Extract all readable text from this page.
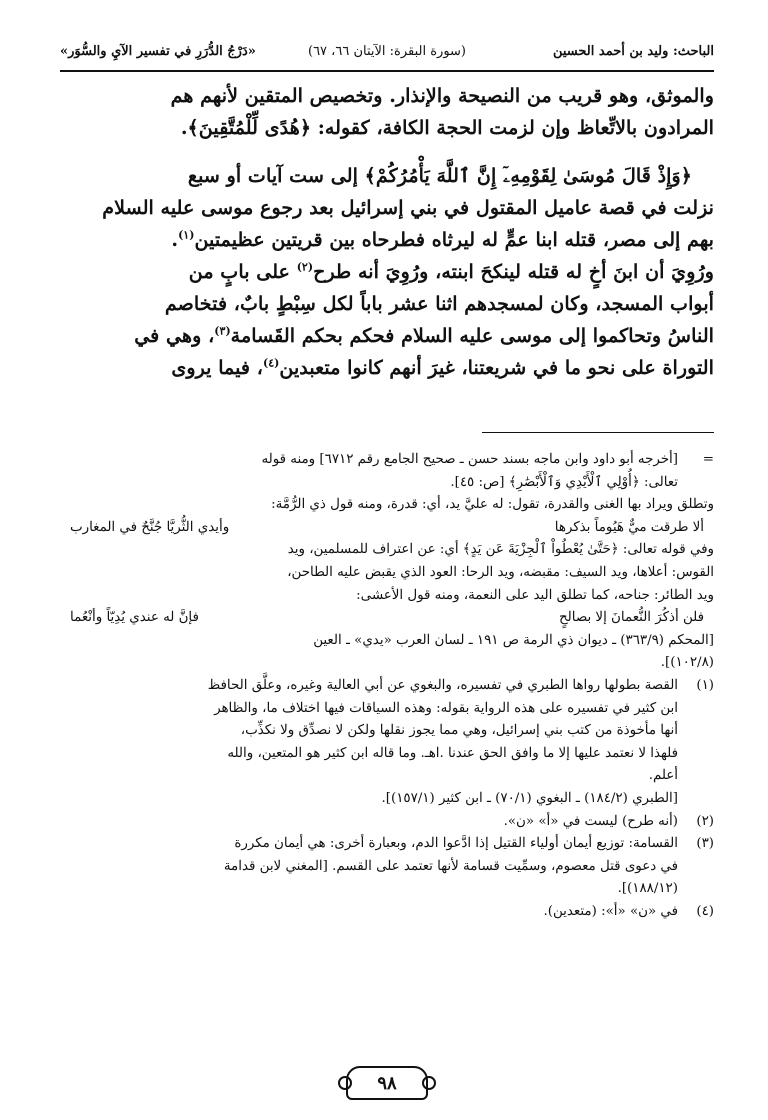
الباحث: وليد بن أحمد الحسين
(سورة البقرة: الآيتان ٦٦، ٦٧)
«دَرْجُ الدُّرَرِ في تفسير الآيِ والسُّوَر»

والموثق، وهو قريب من النصيحة والإنذار. وتخصيص المتقين لأنهم هم

المرادون بالاتِّعاظ وإن لزمت الحجة الكافة، كقوله: ﴿هُدًى لِّلْمُتَّقِينَ﴾.

﴿وَإِذْ قَالَ مُوسَىٰ لِقَوْمِهِۦٓ إِنَّ ٱللَّهَ يَأْمُرُكُمْ﴾ إلى ست آيات أو سبع

نزلت في قصة عاميل المقتول في بني إسرائيل بعد رجوع موسى عليه السلام

بهم إلى مصر، قتله ابنا عمٍّ له ليرثاه فطرحاه بين قريتين عظيمتين$^{(١)}$.

ورُوِيَ أن ابنَ أخٍ له قتله لينكحَ ابنته، ورُوِيَ أنه طرح$^{(٢)}$ على بابٍ من

أبواب المسجد، وكان لمسجدهم اثنا عشر باباً لكل سِبْطٍ بابٌ، فتخاصم

الناسُ وتحاكموا إلى موسى عليه السلام فحكم بحكم القَسامة$^{(٣)}$، وهي في

التوراة على نحو ما في شريعتنا، غيرَ أنهم كانوا متعبدين$^{(٤)}$، فيما يروى

=
[أخرجه أبو داود وابن ماجه بسند حسن ـ صحيح الجامع رقم ٦٧١٢] ومنه قوله
تعالى: ﴿أُوْلِي ٱلْأَيْدِي وَٱلْأَبْصَٰرِ﴾ [ص: ٤٥].
وتطلق ويراد بها الغنى والقدرة، تقول: له عليَّ يد، أي: قدرة، ومنه قول ذي الرُّمَّة:
ألا طرقت ميٌّ هَيُوماً بذكرها
وأيدي الثُّريَّا جُنَّحٌ في المغارب
وفي قوله تعالى: ﴿حَتَّىٰ يُعْطُواْ ٱلْجِزْيَةَ عَن يَدٍ﴾ أي: عن اعتراف للمسلمين، ويد
القوس: أعلاها، ويد السيف: مقبضه، ويد الرحا: العود الذي يقبض عليه الطاحن،
ويد الطائر: جناحه، كما تطلق اليد على النعمة، ومنه قول الأعشى:
فلن أذكُرَ النُّعمانَ إلا بصالحٍ
فإنَّ له عندي يُدِيّاً وأنْعُما
[المحكم (٣٦٣/٩) ـ ديوان ذي الرمة ص ١٩١ ـ لسان العرب «يدي» ـ العين
(١٠٢/٨)].
(١)
القصة بطولها رواها الطبري في تفسيره، والبغوي عن أبي العالية وغيره، وعلَّق الحافظ
ابن كثير في تفسيره على هذه الرواية بقوله: وهذه السياقات فيها اختلاف ما، والظاهر
أنها مأخوذة من كتب بني إسرائيل، وهي مما يجوز نقلها ولكن لا نصدِّق ولا نكذِّب،
فلهذا لا نعتمد عليها إلا ما وافق الحق عندنا .اهـ. وما قاله ابن كثير هو المتعين، والله
أعلم.
[الطبري (١٨٤/٢) ـ البغوي (٧٠/١) ـ ابن كثير (١٥٧/١)].
(٢)
(أنه طرح) ليست في «أ» «ن».
(٣)
القسامة: توزيع أيمان أولياء القتيل إذا ادَّعوا الدم، وبعبارة أخرى: هي أيمان مكررة
في دعوى قتل معصوم، وسمِّيت قسامة لأنها تعتمد على القسم. [المغني لابن قدامة
(١٨٨/١٢)].
(٤)
في «ن» «أ»: (متعدين).
٩٨
